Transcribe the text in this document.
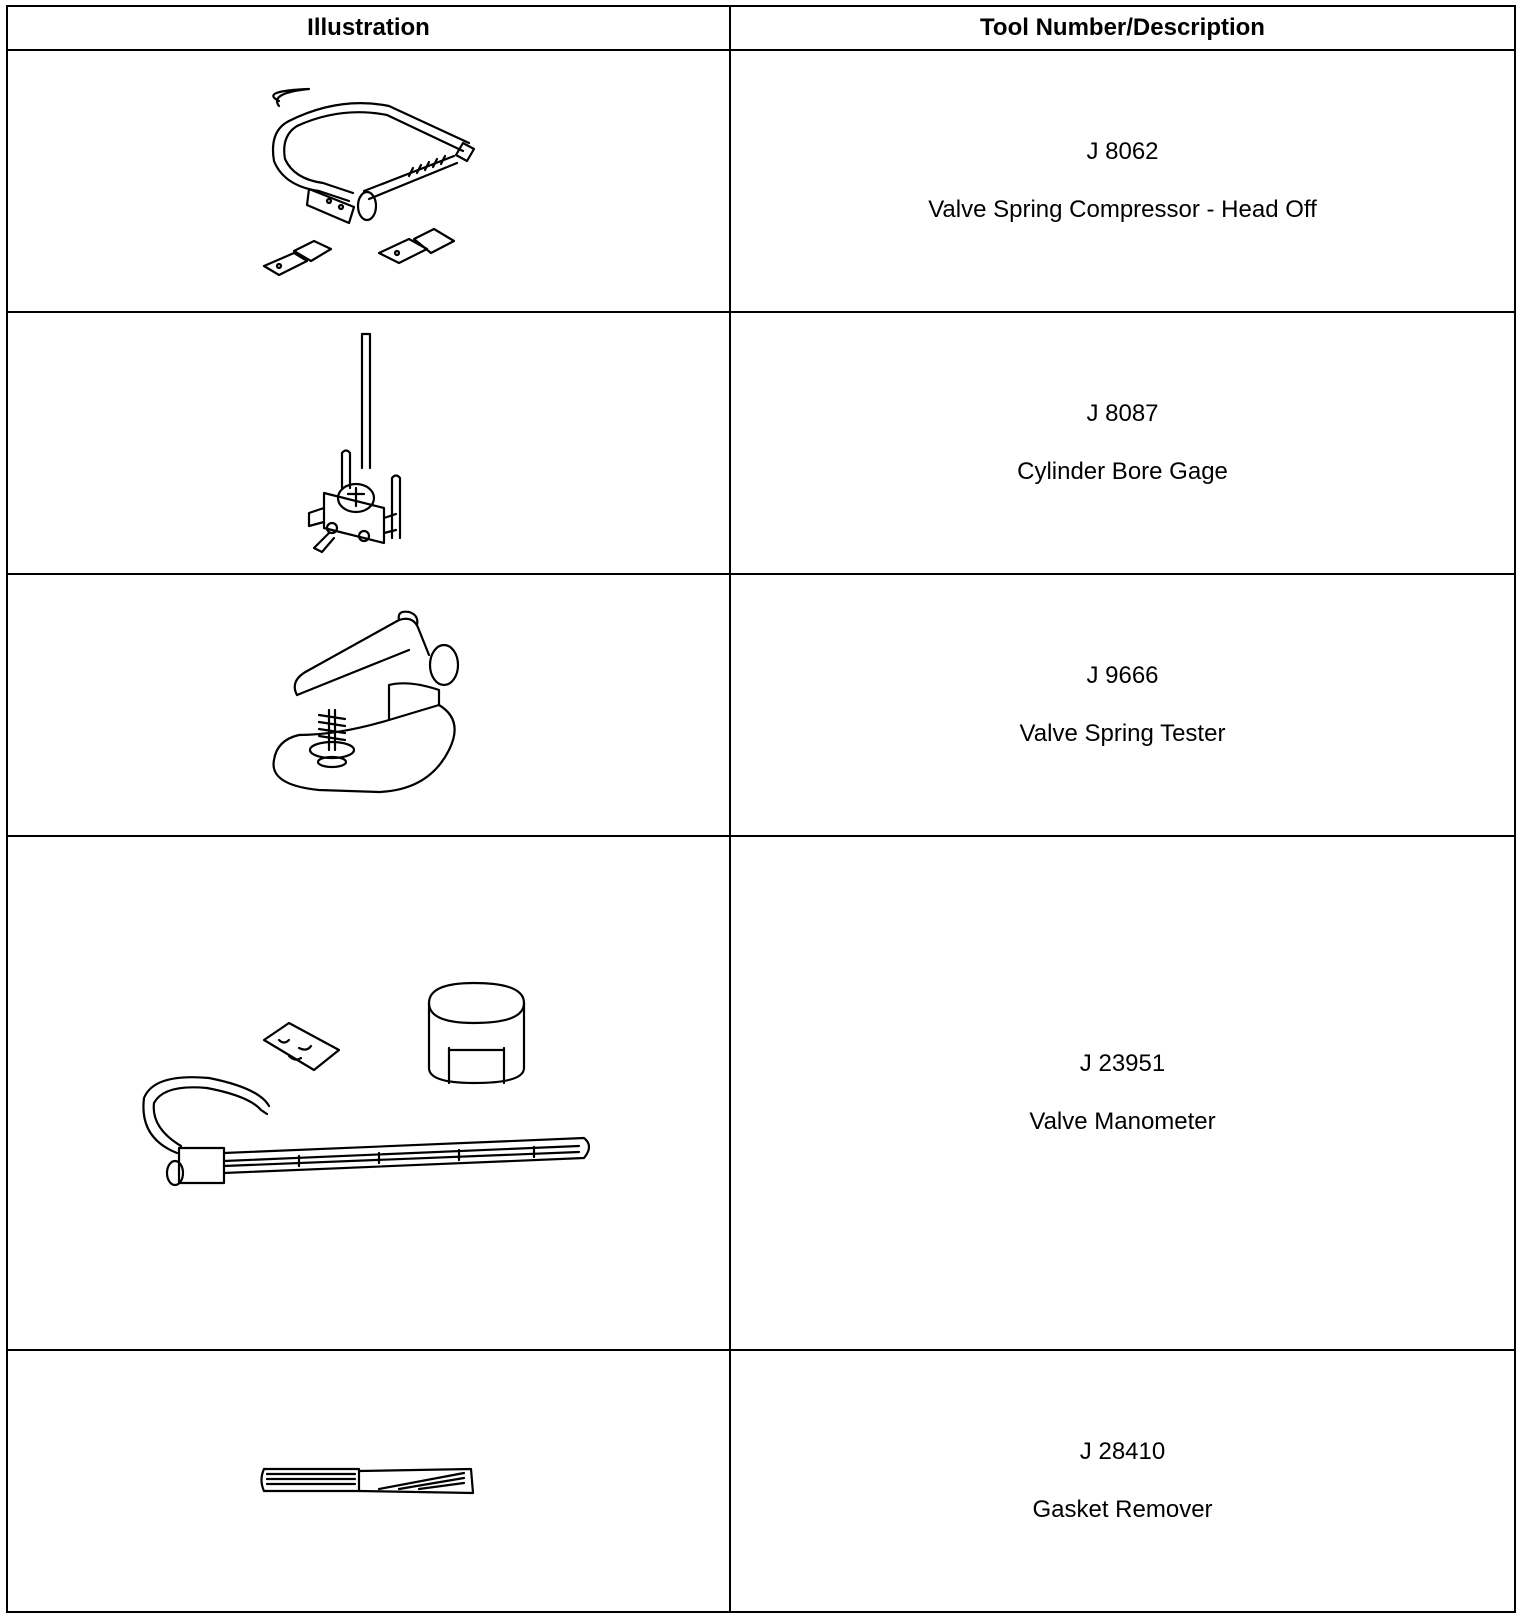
Illustration	Tool Number/Description

J 8062
Valve Spring Compressor - Head Off

J 8087
Cylinder Bore Gage

J 9666
Valve Spring Tester

J 23951
Valve Manometer

J 28410
Gasket Remover
